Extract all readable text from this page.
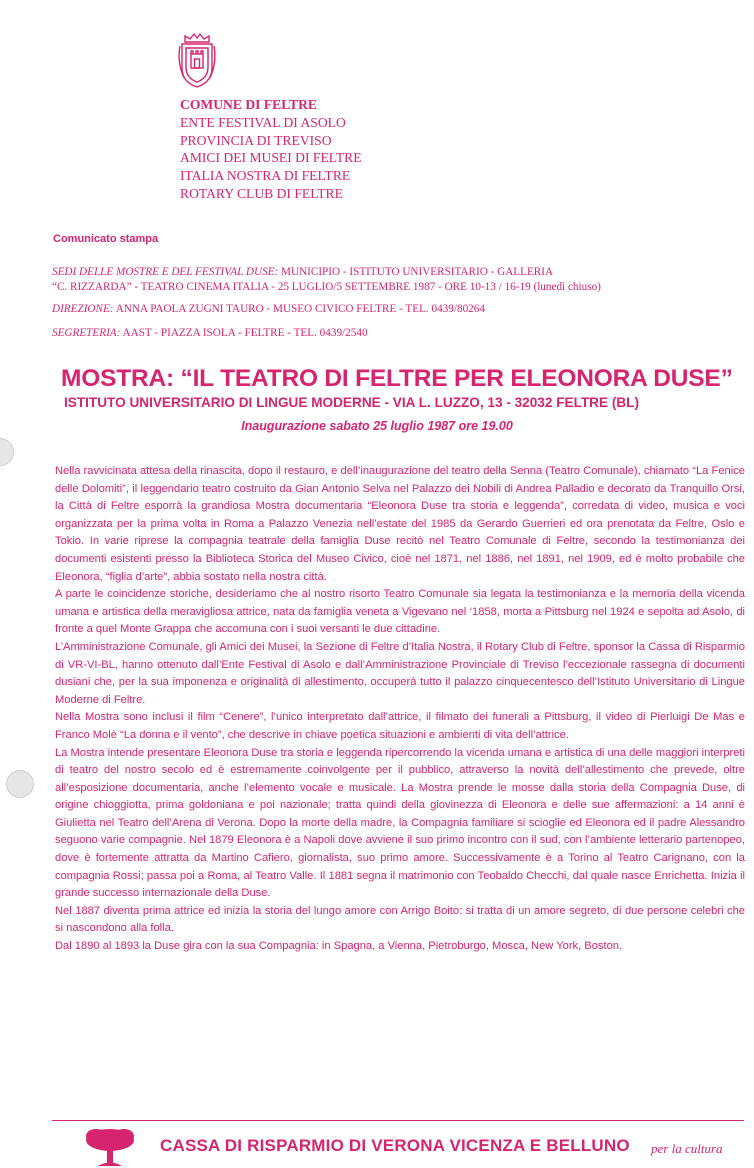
COMUNE DI FELTRE
ENTE FESTIVAL DI ASOLO
PROVINCIA DI TREVISO
AMICI DEI MUSEI DI FELTRE
ITALIA NOSTRA DI FELTRE
ROTARY CLUB DI FELTRE
Comunicato stampa
SEDI DELLE MOSTRE E DEL FESTIVAL DUSE: MUNICIPIO - ISTITUTO UNIVERSITARIO - GALLERIA
“C. RIZZARDA” - TEATRO CINEMA ITALIA - 25 LUGLIO/5 SETTEMBRE 1987 - ORE 10-13 / 16-19 (lunedì chiuso)
DIREZIONE: ANNA PAOLA ZUGNI TAURO - MUSEO CIVICO FELTRE - TEL. 0439/80264
SEGRETERIA: AAST - PIAZZA ISOLA - FELTRE - TEL. 0439/2540
MOSTRA: “IL TEATRO DI FELTRE PER ELEONORA DUSE”
ISTITUTO UNIVERSITARIO DI LINGUE MODERNE - VIA L. LUZZO, 13 - 32032 FELTRE (BL)
Inaugurazione sabato 25 luglio 1987 ore 19.00

Nella ravvicinata attesa della rinascita, dopo il restauro, e dell’inaugurazione del teatro della Senna (Teatro Comunale), chiamato “La Fenice delle Dolomiti”, il leggendario teatro costruito da Gian Antonio Selva nel Palazzo dei Nobili di Andrea Palladio e decorato da Tranquillo Orsi, la Città di Feltre esporrà la grandiosa Mostra documentaria “Eleonora Duse tra storia e leggenda”, corredata di video, musica e voci organizzata per la prima volta in Roma a Palazzo Venezia nell’estate del 1985 da Gerardo Guerrieri ed ora prenotata da Feltre, Oslo e Tokio. In varie riprese la compagnia teatrale della famiglia Duse recitò nel Teatro Comunale di Feltre, secondo la testimonianza dei documenti esistenti presso la Biblioteca Storica del Museo Civico, cioè nel 1871, nel 1886, nel 1891, nel 1909, ed è molto probabile che Eleonora, “figlia d’arte”, abbia sostato nella nostra città.

A parte le coincidenze storiche, desideriamo che al nostro risorto Teatro Comunale sia legata la testimonianza e la memoria della vicenda umana e artistica della meravigliosa attrice, nata da famiglia veneta a Vigevano nel ‘1858, morta a Pittsburg nel 1924 e sepolta ad Asolo, di fronte a quel Monte Grappa che accomuna con i suoi versanti le due cittadine.

L’Amministrazione Comunale, gli Amici dei Musei, la Sezione di Feltre d’Italia Nostra, il Rotary Club di Feltre, sponsor la Cassa di Risparmio di VR-VI-BL, hanno ottenuto dall’Ente Festival di Asolo e dall’Amministrazione Provinciale di Treviso l’eccezionale rassegna di documenti dusiani che, per la sua imponenza e originalità di allestimento, occuperà tutto il palazzo cinquecentesco dell’Istituto Universitario di Lingue Moderne di Feltre.

Nella Mostra sono inclusi il film “Cenere”, l’unico interpretato dall’attrice, il filmato dei funerali a Pittsburg, il video di Pierluigi De Mas e Franco Molè “La donna e il vento”, che descrive in chiave poetica situazioni e ambienti di vita dell’attrice.

La Mostra intende presentare Eleonora Duse tra storia e leggenda ripercorrendo la vicenda umana e artistica di una delle maggiori interpreti di teatro del nostro secolo ed è estremamente coinvolgente per il pubblico, attraverso la novità dell’allestimento che prevede, oltre all’esposizione documentaria, anche l’elemento vocale e musicale. La Mostra prende le mosse dalla storia della Compagnia Duse, di origine chioggiotta, prima goldoniana e poi nazionale; tratta quindi della giovinezza di Eleonora e delle sue affermazioni: a 14 anni è Giulietta nel Teatro dell’Arena di Verona. Dopo la morte della madre, la Compagnia familiare si scioglie ed Eleonora ed il padre Alessandro seguono varie compagnie. Nel 1879 Eleonora è a Napoli dove avviene il suo primo incontro con il sud, con l’ambiente letterario partenopeo, dove è fortemente attratta da Martino Cafiero, giornalista, suo primo amore. Successivamente è a Torino al Teatro Carignano, con la compagnia Rossi; passa poi a Roma, al Teatro Valle. Il 1881 segna il matrimonio con Teobaldo Checchi, dal quale nasce Enrichetta. Inizia il grande successo internazionale della Duse.

Nel 1887 diventa prima attrice ed inizia la storia del lungo amore con Arrigo Boito: si tratta di un amore segreto, di due persone celebri che si nascondono alla folla.

Dal 1890 al 1893 la Duse gira con la sua Compagnia: in Spagna, a Vienna, Pietroburgo, Mosca, New York, Boston.

CASSA DI RISPARMIO DI VERONA VICENZA E BELLUNO per la cultura
